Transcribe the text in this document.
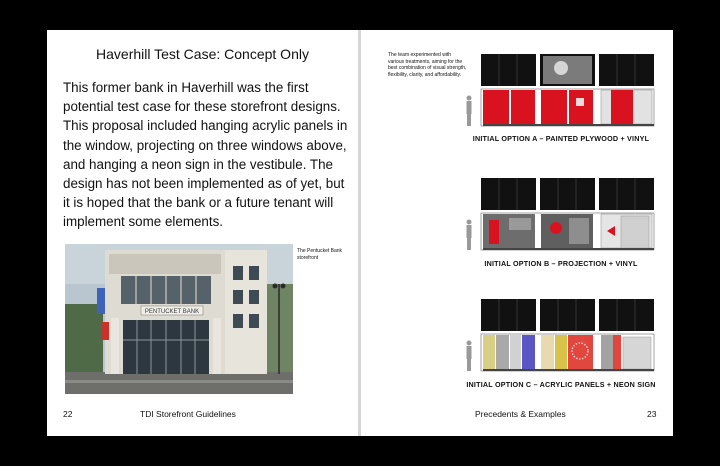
Haverhill Test Case: Concept Only

This former bank in Haverhill was the first potential test case for these storefront designs. This proposal included hanging acrylic panels in the window, projecting on three windows above, and hanging a neon sign in the vestibule. The design has not been implemented as of yet, but it is hoped that the bank or a future tenant will implement some elements.

PENTUCKET BANK
The Pentucket Bank storefront
22	TDI Storefront Guidelines
The team experimented with various treatments, aiming for the best combination of visual strength, flexibility, clarity, and affordability.
INITIAL OPTION A – PAINTED PLYWOOD + VINYL
INITIAL OPTION B – PROJECTION + VINYL
INITIAL OPTION C – ACRYLIC PANELS + NEON SIGN
Precedents & Examples	23
